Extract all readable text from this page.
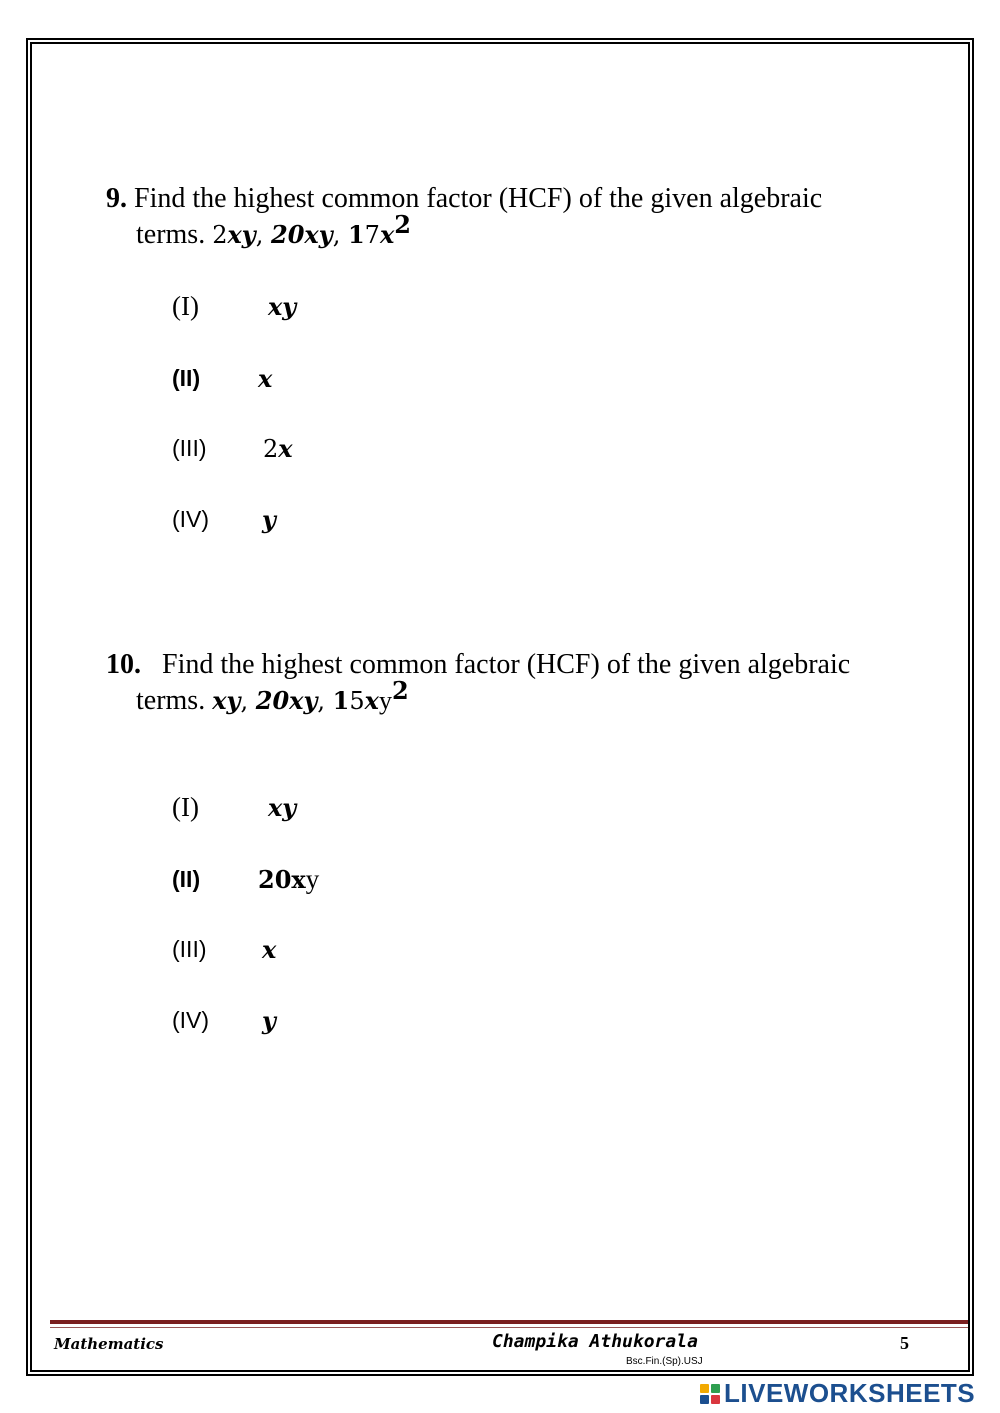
9. Find the highest common factor (HCF) of the given algebraic
terms. 2xy, 20xy, $17x^2$
(I)	xy
(II) x
(III) 2x
(IV) y
10. Find the highest common factor (HCF) of the given algebraic
terms. xy, 20xy, $15xy^2$
(I)	xy
(II) 20xy
(III) x
(IV) y
Mathematics	Champika Athukorala
Bsc.Fin.(Sp).USJ
5
LIVEWORKSHEETS
